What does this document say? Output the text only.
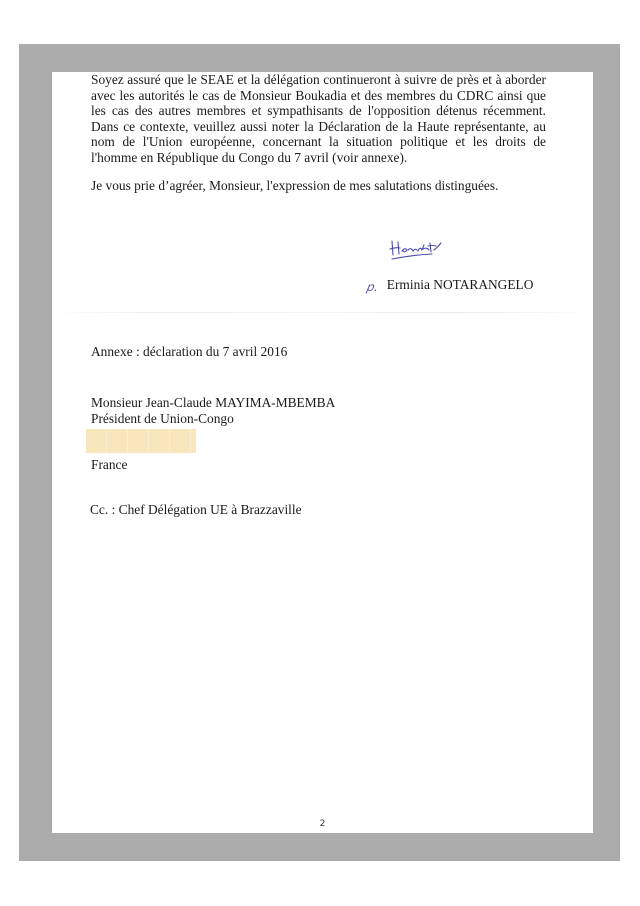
Soyez assuré que le SEAE et la délégation continueront à suivre de près et à aborder avec les autorités le cas de Monsieur Boukadia et des membres du CDRC ainsi que les cas des autres membres et sympathisants de l'opposition détenus récemment. Dans ce contexte, veuillez aussi noter la Déclaration de la Haute représentante, au nom de l'Union européenne, concernant la situation politique et les droits de l'homme en République du Congo du 7 avril (voir annexe).

Je vous prie d’agréer, Monsieur, l'expression de mes salutations distinguées.
p. Erminia NOTARANGELO
Annexe : déclaration du 7 avril 2016
Monsieur Jean-Claude MAYIMA-MBEMBA
Président de Union-Congo
France
Cc. : Chef Délégation UE à Brazzaville
2
